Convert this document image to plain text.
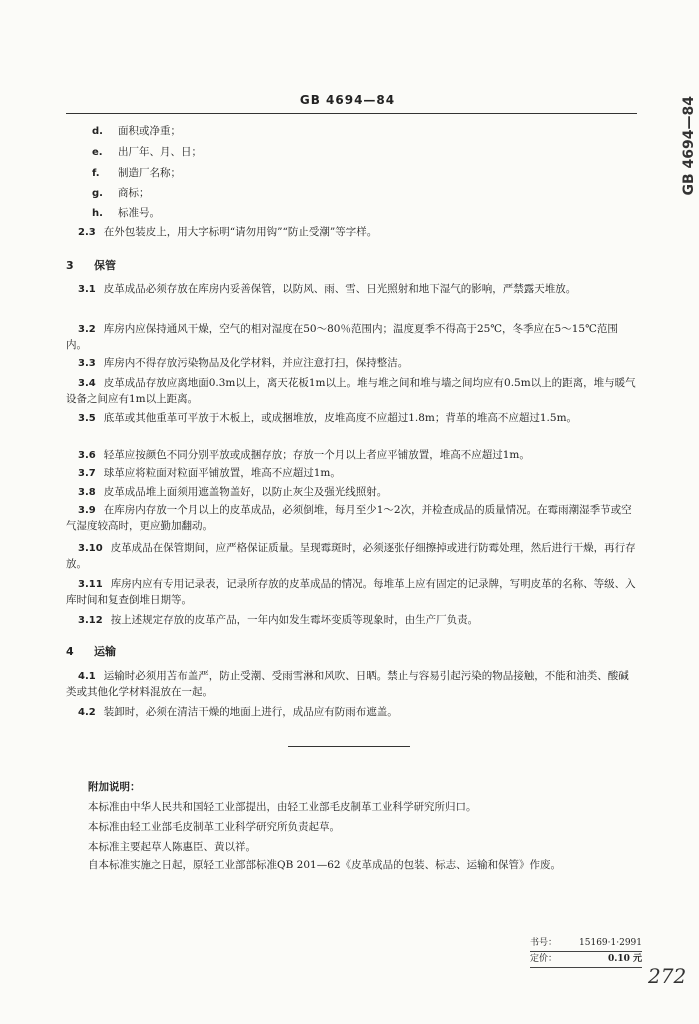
GB 4694—84	GB 4694—84
d. 面积或净重；
e. 出厂年、月、日；
f. 制造厂名称；
g. 商标；
h. 标准号。
2.3 在外包装皮上，用大字标明“请勿用钩”“防止受潮”等字样。
3 保管
3.1 皮革成品必须存放在库房内妥善保管，以防风、雨、雪、日光照射和地下湿气的影响，严禁露天堆放。
3.2 库房内应保持通风干燥，空气的相对湿度在50～80％范围内；温度夏季不得高于25℃，冬季应在5～15℃范围内。
3.3 库房内不得存放污染物品及化学材料，并应注意打扫，保持整洁。
3.4 皮革成品存放应离地面0.3m以上，离天花板1m以上。堆与堆之间和堆与墙之间均应有0.5m以上的距离，堆与暖气设备之间应有1m以上距离。
3.5 底革或其他重革可平放于木板上，或成捆堆放，皮堆高度不应超过1.8m；背革的堆高不应超过1.5m。
3.6 轻革应按颜色不同分别平放或成捆存放；存放一个月以上者应平铺放置，堆高不应超过1m。
3.7 球革应将粒面对粒面平铺放置，堆高不应超过1m。
3.8 皮革成品堆上面须用遮盖物盖好，以防止灰尘及强光线照射。
3.9 在库房内存放一个月以上的皮革成品，必须倒堆，每月至少1～2次，并检查成品的质量情况。在霉雨潮湿季节或空气湿度较高时，更应勤加翻动。
3.10 皮革成品在保管期间，应严格保证质量。呈现霉斑时，必须逐张仔细擦掉或进行防霉处理，然后进行干燥，再行存放。
3.11 库房内应有专用记录表，记录所存放的皮革成品的情况。每堆革上应有固定的记录牌，写明皮革的名称、等级、入库时间和复查倒堆日期等。
3.12 按上述规定存放的皮革产品，一年内如发生霉坏变质等现象时，由生产厂负责。
4 运输
4.1 运输时必须用苫布盖严，防止受潮、受雨雪淋和风吹、日晒。禁止与容易引起污染的物品接触，不能和油类、酸碱类或其他化学材料混放在一起。
4.2 装卸时，必须在清洁干燥的地面上进行，成品应有防雨布遮盖。
附加说明：
本标准由中华人民共和国轻工业部提出，由轻工业部毛皮制革工业科学研究所归口。
本标准由轻工业部毛皮制革工业科学研究所负责起草。
本标准主要起草人陈惠臣、黄以祥。
自本标准实施之日起，原轻工业部部标准QB 201—62《皮革成品的包装、标志、运输和保管》作废。
书号： 15169·1·2991
定价：	0.10 元
272
